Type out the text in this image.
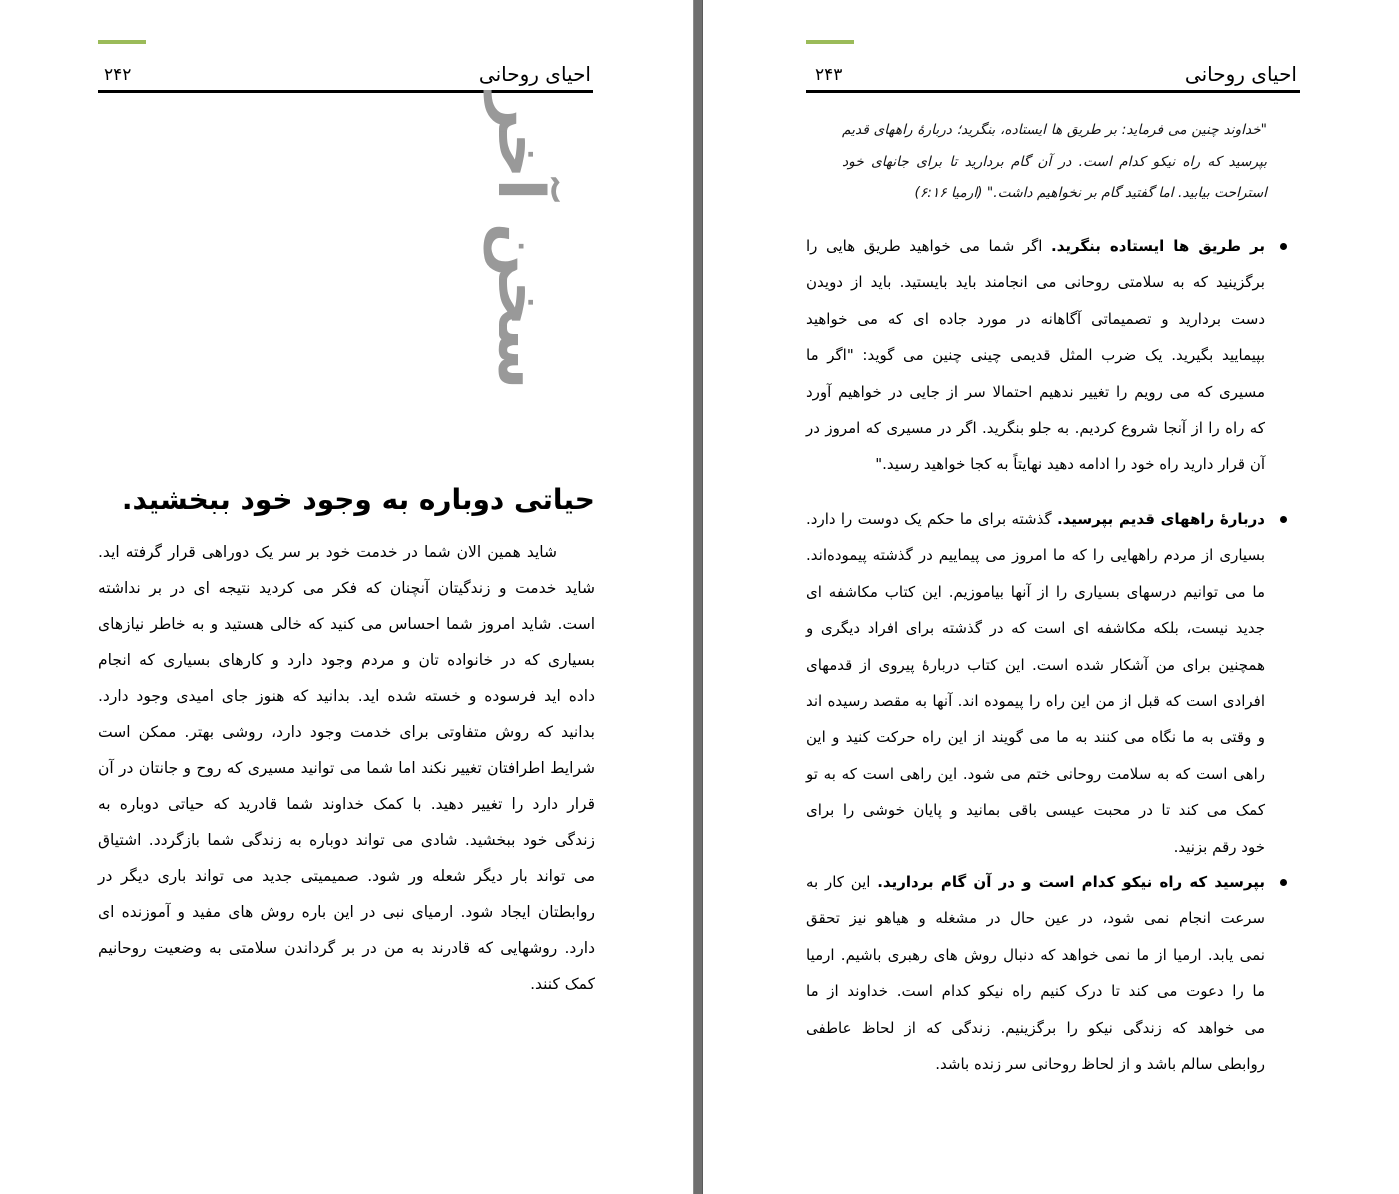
۲۴۲	احیای روحانی
سخن آخر
حیاتی دوباره به وجود خود ببخشید.
شاید همین الان شما در خدمت خود بر سر یک دوراهی قرار گرفته اید.
شاید خدمت و زندگیتان آنچنان که فکر می کردید نتیجه ای در بر نداشته
است. شاید امروز شما احساس می کنید که خالی هستید و به خاطر نیازهای
بسیاری که در خانواده تان و مردم وجود دارد و کارهای بسیاری که انجام
داده اید فرسوده و خسته شده اید. بدانید که هنوز جای امیدی وجود دارد.
بدانید که روش متفاوتی برای خدمت وجود دارد، روشی بهتر. ممکن است
شرایط اطرافتان تغییر نکند اما شما می توانید مسیری که روح و جانتان در آن
قرار دارد را تغییر دهید. با کمک خداوند شما قادرید که حیاتی دوباره به
زندگی خود ببخشید. شادی می تواند دوباره به زندگی شما بازگردد. اشتیاق
می تواند بار دیگر شعله ور شود. صمیمیتی جدید می تواند باری دیگر در
روابطتان ایجاد شود. ارمیای نبی در این باره روش های مفید و آموزنده ای
دارد. روشهایی که قادرند به من در بر گرداندن سلامتی به وضعیت روحانیم
کمک کنند.
۲۴۳	احیای روحانی
"خداوند چنین می فرماید: بر طریق ها ایستاده، بنگرید؛ دربارهٔ راههای قدیم
بپرسید که راه نیکو کدام است. در آن گام بردارید تا برای جانهای خود
استراحت بیابید. اما گفتید گام بر نخواهیم داشت." (ارمیا ۶:۱۶)
بر طریق ها ایستاده بنگرید. اگر شما می خواهید طریق هایی را
برگزینید که به سلامتی روحانی می انجامند باید بایستید. باید از دویدن
دست بردارید و تصمیماتی آگاهانه در مورد جاده ای که می خواهید
بپیمایید بگیرید. یک ضرب المثل قدیمی چینی چنین می گوید: "اگر ما
مسیری که می رویم را تغییر ندهیم احتمالا سر از جایی در خواهیم آورد
که راه را از آنجا شروع کردیم. به جلو بنگرید. اگر در مسیری که امروز در
آن قرار دارید راه خود را ادامه دهید نهایتاً به کجا خواهید رسید."
دربارهٔ راههای قدیم بپرسید. گذشته برای ما حکم یک دوست را دارد.
بسیاری از مردم راههایی را که ما امروز می پیماییم در گذشته پیموده‌اند.
ما می توانیم درسهای بسیاری را از آنها بیاموزیم. این کتاب مکاشفه ای
جدید نیست، بلکه مکاشفه ای است که در گذشته برای افراد دیگری و
همچنین برای من آشکار شده است. این کتاب دربارهٔ پیروی از قدمهای
افرادی است که قبل از من این راه را پیموده اند. آنها به مقصد رسیده اند
و وقتی به ما نگاه می کنند به ما می گویند از این راه حرکت کنید و این
راهی است که به سلامت روحانی ختم می شود. این راهی است که به تو
کمک می کند تا در محبت عیسی باقی بمانید و پایان خوشی را برای
خود رقم بزنید.
بپرسید که راه نیکو کدام است و در آن گام بردارید. این کار به
سرعت انجام نمی شود، در عین حال در مشغله و هیاهو نیز تحقق
نمی یابد. ارمیا از ما نمی خواهد که دنبال روش های رهبری باشیم. ارمیا
ما را دعوت می کند تا درک کنیم راه نیکو کدام است. خداوند از ما
می خواهد که زندگی نیکو را برگزینیم. زندگی که از لحاظ عاطفی
روابطی سالم باشد و از لحاظ روحانی سر زنده باشد.
